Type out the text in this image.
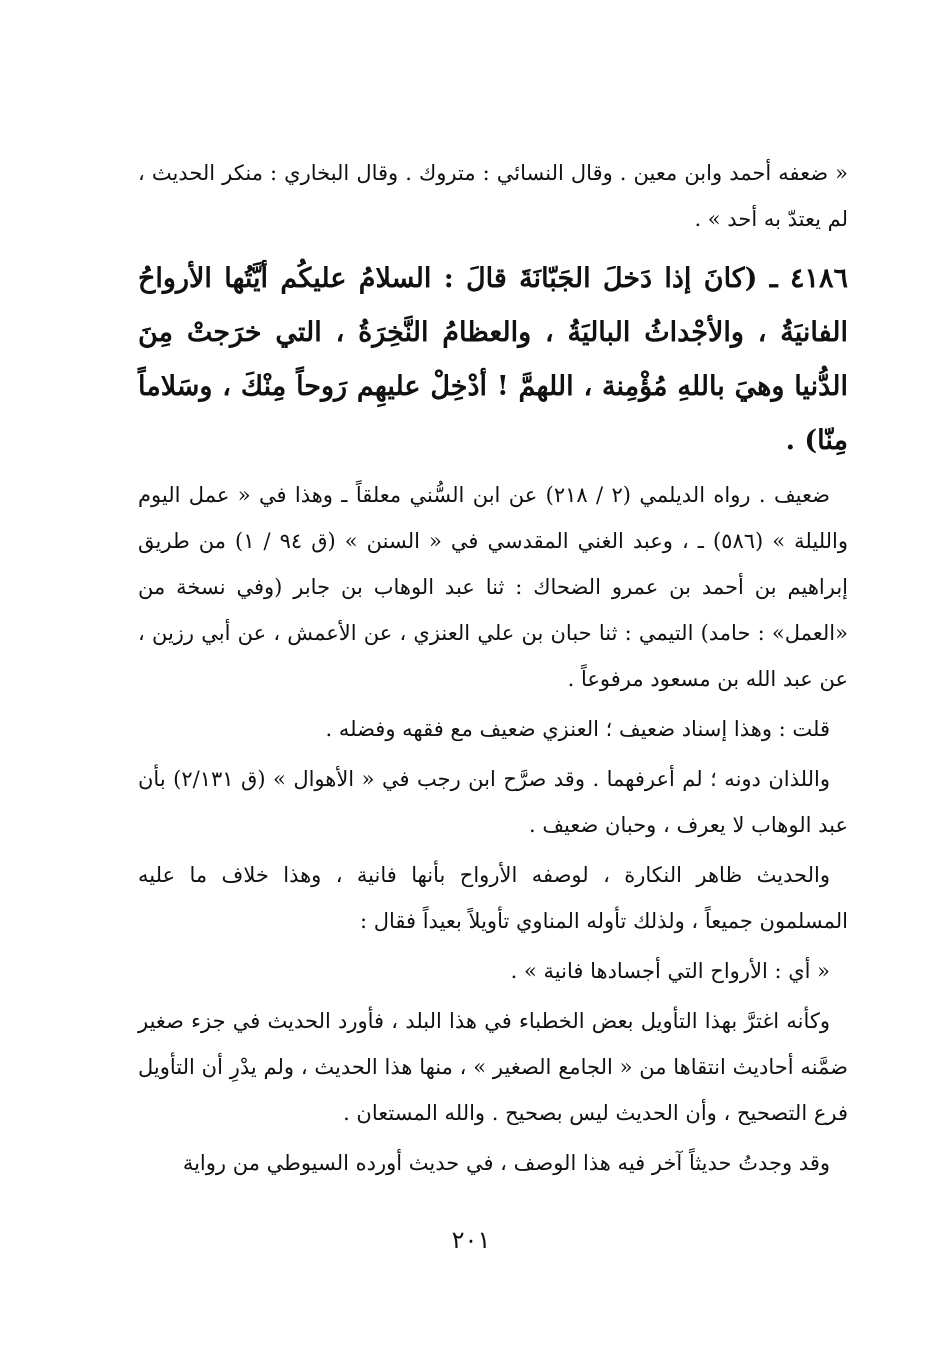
« ضعفه أحمد وابن معين . وقال النسائي : متروك . وقال البخاري : منكر الحديث ، لم يعتدّ به أحد » .

٤١٨٦ ـ (كانَ إذا دَخلَ الجَبّانَةَ قالَ : السلامُ عليكُم أيَّتُها الأرواحُ الفانيَةُ ، والأجْداثُ الباليَةُ ، والعظامُ النَّخِرَةُ ، التي خرَجتْ مِنَ الدُّنيا وهيَ باللهِ مُؤْمِنة ، اللهمَّ ! أدْخِلْ عليهِم رَوحاً مِنْكَ ، وسَلاماً مِنّا) .

ضعيف . رواه الديلمي (٢ / ٢١٨) عن ابن السُّني معلقاً ـ وهذا في « عمل اليوم والليلة » (٥٨٦) ـ ، وعبد الغني المقدسي في « السنن » (ق ٩٤ / ١) من طريق إبراهيم بن أحمد بن عمرو الضحاك : ثنا عبد الوهاب بن جابر (وفي نسخة من «العمل» : حامد) التيمي : ثنا حبان بن علي العنزي ، عن الأعمش ، عن أبي رزين ، عن عبد الله بن مسعود مرفوعاً .

قلت : وهذا إسناد ضعيف ؛ العنزي ضعيف مع فقهه وفضله .

واللذان دونه ؛ لم أعرفهما . وقد صرَّح ابن رجب في « الأهوال » (ق ٢/١٣١) بأن عبد الوهاب لا يعرف ، وحبان ضعيف .

والحديث ظاهر النكارة ، لوصفه الأرواح بأنها فانية ، وهذا خلاف ما عليه المسلمون جميعاً ، ولذلك تأوله المناوي تأويلاً بعيداً فقال :

« أي : الأرواح التي أجسادها فانية » .

وكأنه اغترَّ بهذا التأويل بعض الخطباء في هذا البلد ، فأورد الحديث في جزء صغير ضمَّنه أحاديث انتقاها من « الجامع الصغير » ، منها هذا الحديث ، ولم يدْرِ أن التأويل فرع التصحيح ، وأن الحديث ليس بصحيح . والله المستعان .

وقد وجدتُ حديثاً آخر فيه هذا الوصف ، في حديث أورده السيوطي من رواية

٢٠١
